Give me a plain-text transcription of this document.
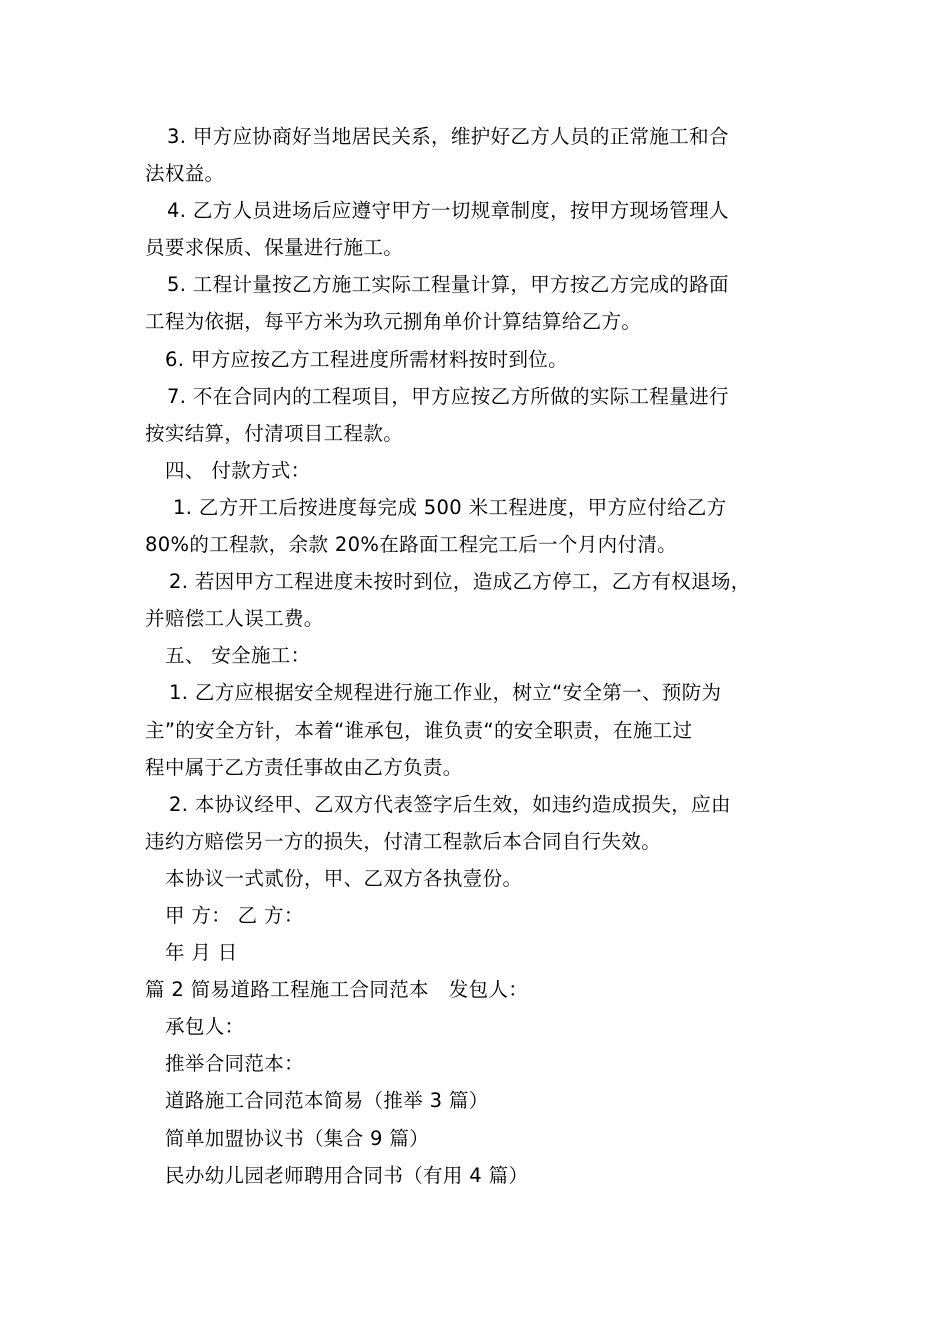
3. 甲方应协商好当地居民关系，维护好乙方人员的正常施工和合
法权益。
4. 乙方人员进场后应遵守甲方一切规章制度，按甲方现场管理人
员要求保质、保量进行施工。
5. 工程计量按乙方施工实际工程量计算，甲方按乙方完成的路面
工程为依据，每平方米为玖元捌角单价计算结算给乙方。
6. 甲方应按乙方工程进度所需材料按时到位。
7. 不在合同内的工程项目，甲方应按乙方所做的实际工程量进行
按实结算，付清项目工程款。
四、 付款方式：
1. 乙方开工后按进度每完成 500 米工程进度，甲方应付给乙方
80%的工程款，余款 20%在路面工程完工后一个月内付清。
2. 若因甲方工程进度未按时到位，造成乙方停工，乙方有权退场，
并赔偿工人误工费。
五、 安全施工：
1. 乙方应根据安全规程进行施工作业，树立“安全第一、预防为
主”的安全方针，本着“谁承包，谁负责“的安全职责，在施工过
程中属于乙方责任事故由乙方负责。
2. 本协议经甲、乙双方代表签字后生效，如违约造成损失，应由
违约方赔偿另一方的损失，付清工程款后本合同自行失效。
本协议一式贰份，甲、乙双方各执壹份。
甲 方： 乙 方：
年 月 日
篇 2 简易道路工程施工合同范本　发包人：
承包人：
推举合同范本：
道路施工合同范本简易（推举 3 篇）
简单加盟协议书（集合 9 篇）
民办幼儿园老师聘用合同书（有用 4 篇）
